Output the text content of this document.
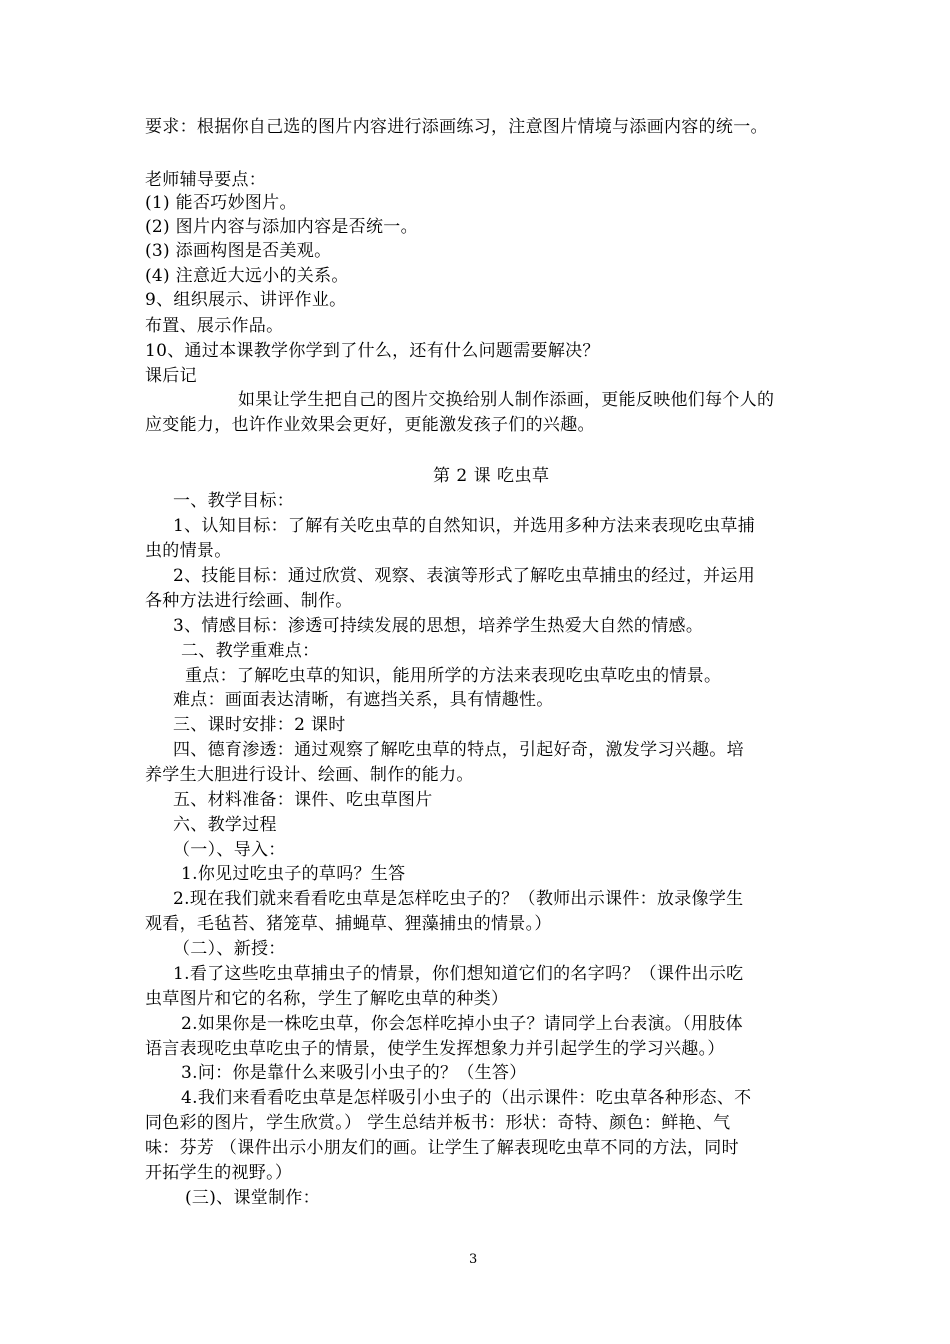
要求：根据你自己选的图片内容进行添画练习，注意图片情境与添画内容的统一。
老师辅导要点：
(1) 能否巧妙图片。
(2) 图片内容与添加内容是否统一。
(3) 添画构图是否美观。
(4) 注意近大远小的关系。
9、组织展示、讲评作业。
布置、展示作品。
10、通过本课教学你学到了什么，还有什么问题需要解决？
课后记
如果让学生把自己的图片交换给别人制作添画，更能反映他们每个人的
应变能力，也许作业效果会更好，更能激发孩子们的兴趣。
第 2 课 吃虫草
一、教学目标：
1、认知目标：了解有关吃虫草的自然知识，并选用多种方法来表现吃虫草捕
虫的情景。
2、技能目标：通过欣赏、观察、表演等形式了解吃虫草捕虫的经过，并运用
各种方法进行绘画、制作。
3、情感目标：渗透可持续发展的思想，培养学生热爱大自然的情感。
二、教学重难点：
重点：了解吃虫草的知识，能用所学的方法来表现吃虫草吃虫的情景。
难点：画面表达清晰，有遮挡关系，具有情趣性。
三、课时安排：2 课时
四、德育渗透：通过观察了解吃虫草的特点，引起好奇，激发学习兴趣。培
养学生大胆进行设计、绘画、制作的能力。
五、材料准备：课件、吃虫草图片
六、教学过程
（一）、导入：
1.你见过吃虫子的草吗？生答
2.现在我们就来看看吃虫草是怎样吃虫子的？（教师出示课件：放录像学生
观看，毛毡苔、猪笼草、捕蝇草、狸藻捕虫的情景。）
（二）、新授：
1.看了这些吃虫草捕虫子的情景，你们想知道它们的名字吗？（课件出示吃
虫草图片和它的名称，学生了解吃虫草的种类）
2.如果你是一株吃虫草，你会怎样吃掉小虫子？请同学上台表演。（用肢体
语言表现吃虫草吃虫子的情景，使学生发挥想象力并引起学生的学习兴趣。）
3.问：你是靠什么来吸引小虫子的？（生答）
4.我们来看看吃虫草是怎样吸引小虫子的（出示课件：吃虫草各种形态、不
同色彩的图片，学生欣赏。） 学生总结并板书：形状：奇特、颜色：鲜艳、气
味：芬芳 （课件出示小朋友们的画。让学生了解表现吃虫草不同的方法，同时
开拓学生的视野。）
(三)、课堂制作：
3
